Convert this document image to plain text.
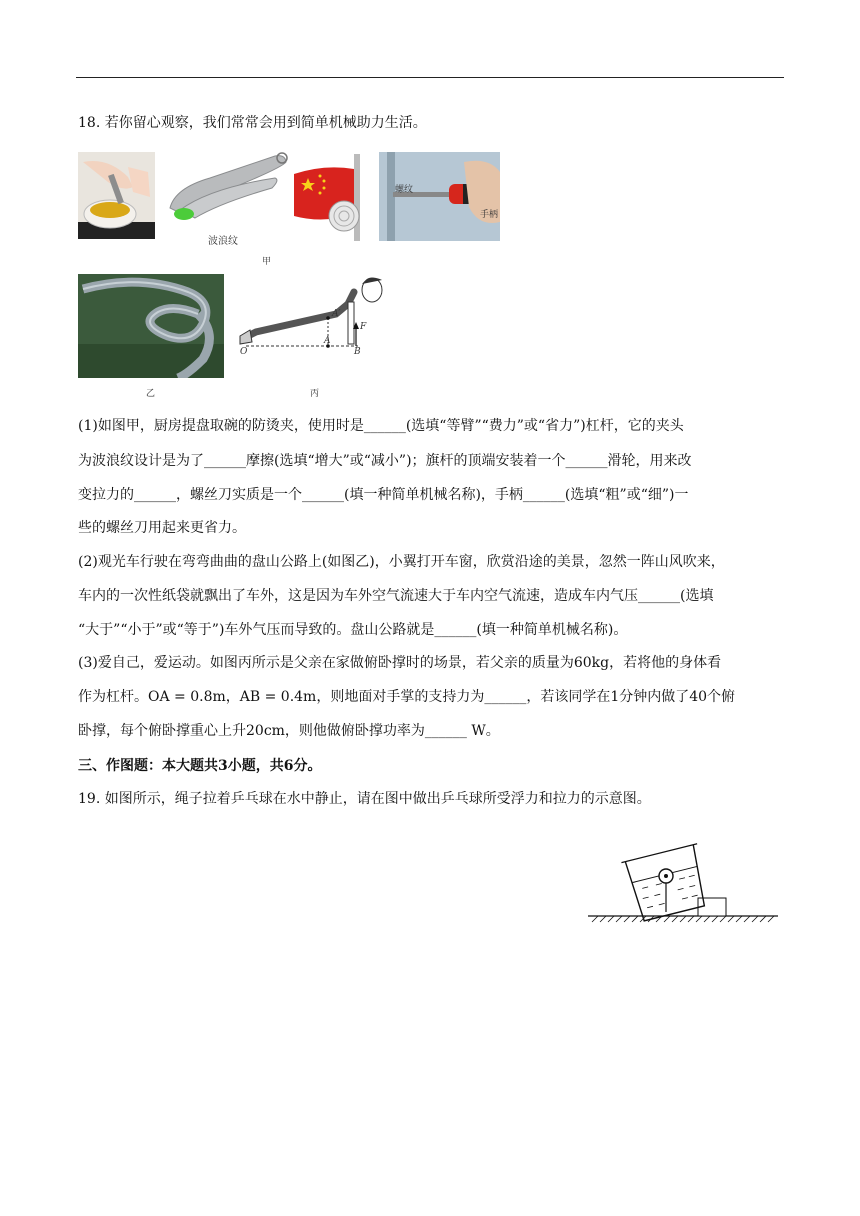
18. 若你留心观察，我们常常会用到简单机械助力生活。
波浪纹
螺纹
手柄
甲
乙
O
A
A′
B
F
丙
(1)如图甲，厨房提盘取碗的防烫夹，使用时是______(选填“等臂”“费力”或“省力”)杠杆，它的夹头
为波浪纹设计是为了______摩擦(选填“增大”或“减小”)；旗杆的顶端安装着一个______滑轮，用来改
变拉力的______，螺丝刀实质是一个______(填一种简单机械名称)，手柄______(选填“粗”或“细”)一
些的螺丝刀用起来更省力。
(2)观光车行驶在弯弯曲曲的盘山公路上(如图乙)，小翼打开车窗，欣赏沿途的美景，忽然一阵山风吹来，
车内的一次性纸袋就飘出了车外，这是因为车外空气流速大于车内空气流速，造成车内气压______(选填
“大于”“小于”或“等于”)车外气压而导致的。盘山公路就是______(填一种简单机械名称)。
(3)爱自己，爱运动。如图丙所示是父亲在家做俯卧撑时的场景，若父亲的质量为60kg，若将他的身体看
作为杠杆。OA = 0.8m，AB = 0.4m，则地面对手掌的支持力为______，若该同学在1分钟内做了40个俯
卧撑，每个俯卧撑重心上升20cm，则他做俯卧撑功率为______ W。
三、作图题：本大题共3小题，共6分。
19. 如图所示，绳子拉着乒乓球在水中静止，请在图中做出乒乓球所受浮力和拉力的示意图。
